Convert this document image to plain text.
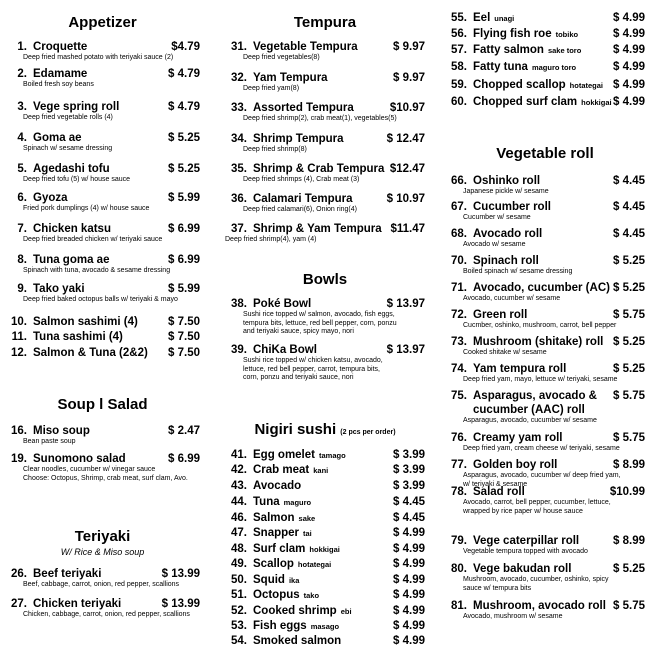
Appetizer
1. Croquette	$4.79
Deep fried mashed potato with teriyaki sauce (2)
2. Edamame	$ 4.79
Boiled fresh soy beans
3. Vege spring roll	$ 4.79
Deep fried vegetable rolls (4)
4. Goma ae	$ 5.25
Spinach w/ sesame dressing
5. Agedashi tofu	$ 5.25
Deep fried tofu (5) w/ house sauce
6. Gyoza	$ 5.99
Fried pork dumplings (4) w/ house sauce
7. Chicken katsu	$ 6.99
Deep fried breaded chicken w/ teriyaki sauce
8. Tuna goma ae	$ 6.99
Spinach with tuna, avocado & sesame dressing
9. Tako yaki	$ 5.99
Deep fried baked octopus balls w/ teriyaki & mayo
10. Salmon sashimi (4)	$ 7.50
11. Tuna sashimi (4)	$ 7.50
12. Salmon & Tuna (2&2) $ 7.50
Soup l Salad
16. Miso soup	$ 2.47
Bean paste soup
19. Sunomono salad	$ 6.99
Clear noodles, cucumber w/ vinegar sauce
Choose: Octopus, Shrimp, crab meat, surf clam, Avo.
Teriyaki
W/ Rice & Miso soup
26. Beef teriyaki	$ 13.99
Beef, cabbage, carrot, onion, red pepper, scallions
27. Chicken teriyaki	$ 13.99
Chicken, cabbage, carrot, onion, red pepper, scallions
Tempura
31. Vegetable Tempura	$ 9.97
Deep fried vegetables(8)
32. Yam Tempura	$ 9.97
Deep fried yam(8)
33. Assorted Tempura	$10.97
Deep fried shrimp(2), crab meat(1), vegetables(5)
34. Shrimp Tempura	$ 12.47
Deep fried shrimp(8)
35. Shrimp & Crab Tempura $12.47
Deep fried shrimps (4), Crab meat (3)
36. Calamari Tempura	$ 10.97
Deep fried calamari(6), Onion ring(4)
37. Shrimp & Yam Tempura $11.47
Deep fried shrimp(4), yam (4)
Bowls
38. Poké Bowl	$ 13.97
Sushi rice topped w/ salmon, avocado, fish eggs,
tempura bits, lettuce, red bell pepper, corn, ponzu
and teriyaki sauce, spicy mayo, nori
39. ChiKa Bowl	$ 13.97
Sushi rice topped w/ chicken katsu, avocado,
lettuce, red bell pepper, carrot, tempura bits,
corn, ponzu and teriyaki sauce, nori
Nigiri sushi (2 pcs per order)
41. Egg omelet tamago	$ 3.99
42. Crab meat kani	$ 3.99
43. Avocado	$ 3.99
44. Tuna maguro	$ 4.45
46. Salmon sake	$ 4.45
47. Snapper tai	$ 4.99
48. Surf clam hokkigai	$ 4.99
49. Scallop hotategai	$ 4.99
50. Squid ika	$ 4.99
51. Octopus tako	$ 4.99
52. Cooked shrimp ebi	$ 4.99
53. Fish eggs masago	$ 4.99
54. Smoked salmon	$ 4.99
55. Eel unagi	$ 4.99
56. Flying fish roe tobiko	$ 4.99
57. Fatty salmon sake toro	$ 4.99
58. Fatty tuna maguro toro	$ 4.99
59. Chopped scallop hotategai $ 4.99
60. Chopped surf clam hokkigai $ 4.99
Vegetable roll
66. Oshinko roll	$ 4.45
Japanese pickle w/ sesame
67. Cucumber roll	$ 4.45
Cucumber w/ sesame
68. Avocado roll	$ 4.45
Avocado w/ sesame
70. Spinach roll	$ 5.25
Boiled spinach w/ sesame dressing
71. Avocado, cucumber (AC) $ 5.25
Avocado, cucumber w/ sesame
72. Green roll	$ 5.75
Cucmber, oshinko, mushroom, carrot, bell pepper
73. Mushroom (shitake) roll $ 5.25
Cooked shitake w/ sesame
74. Yam tempura roll	$ 5.25
Deep fried yam, mayo, lettuce w/ teriyaki, sesame
75. Asparagus, avocado & $ 5.75
cucumber (AAC) roll
Asparagus, avocado, cucumber w/ sesame
76. Creamy yam roll	$ 5.75
Deep fried yam, cream cheese w/ teriyaki, sesame
77. Golden boy roll	$ 8.99
Asparagus, avocado, cucumber w/ deep fried yam,
w/ teriyaki & sesame
78. Salad roll	$10.99
Avocado, carrot, bell pepper, cucumber, lettuce,
wrapped by rice paper w/ house sauce
79. Vege caterpillar roll	$ 8.99
Vegetable tempura topped with avocado
80. Vege bakudan roll	$ 5.25
Mushroom, avocado, cucumber, oshinko, spicy
sauce w/ tempura bits
81. Mushroom, avocado roll $ 5.75
Avocado, mushroom w/ sesame
